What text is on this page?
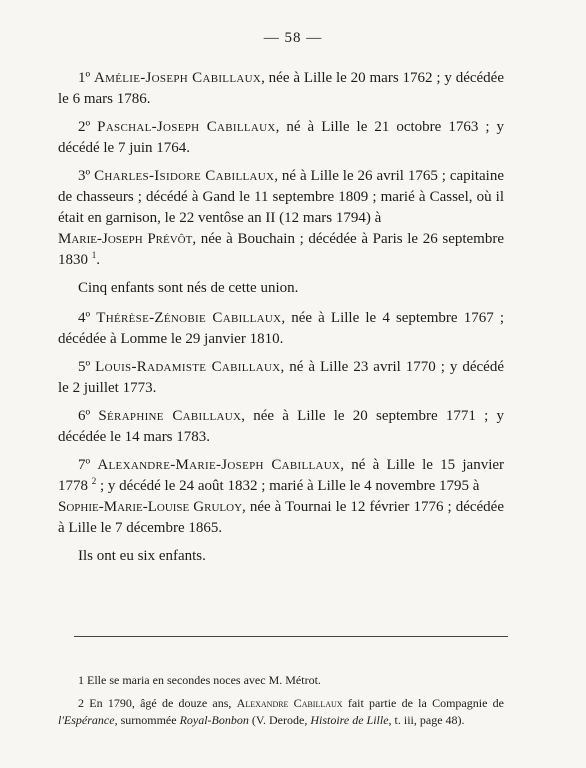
— 58 —

1º Amélie-Joseph Cabillaux, née à Lille le 20 mars 1762 ; y décédée le 6 mars 1786.

2º Paschal-Joseph Cabillaux, né à Lille le 21 octobre 1763 ; y décédé le 7 juin 1764.

3º Charles-Isidore Cabillaux, né à Lille le 26 avril 1765 ; capitaine de chasseurs ; décédé à Gand le 11 septembre 1809 ; marié à Cassel, où il était en garnison, le 22 ventôse an II (12 mars 1794) à

Marie-Joseph Prévôt, née à Bouchain ; décédée à Paris le 26 septembre 1830 $^1$.

Cinq enfants sont nés de cette union.

4º Thérèse-Zénobie Cabillaux, née à Lille le 4 septembre 1767 ; décédée à Lomme le 29 janvier 1810.

5º Louis-Radamiste Cabillaux, né à Lille 23 avril 1770 ; y décédé le 2 juillet 1773.

6º Séraphine Cabillaux, née à Lille le 20 septembre 1771 ; y décédée le 14 mars 1783.

7º Alexandre-Marie-Joseph Cabillaux, né à Lille le 15 janvier 1778 $^2$ ; y décédé le 24 août 1832 ; marié à Lille le 4 novembre 1795 à

Sophie-Marie-Louise Gruloy, née à Tournai le 12 février 1776 ; décédée à Lille le 7 décembre 1865.

Ils ont eu six enfants.

1 Elle se maria en secondes noces avec M. Métrot.

2 En 1790, âgé de douze ans, Alexandre Cabillaux fait partie de la Compagnie de l'Espérance, surnommée Royal-Bonbon (V. Derode, Histoire de Lille, t. iii, page 48).
